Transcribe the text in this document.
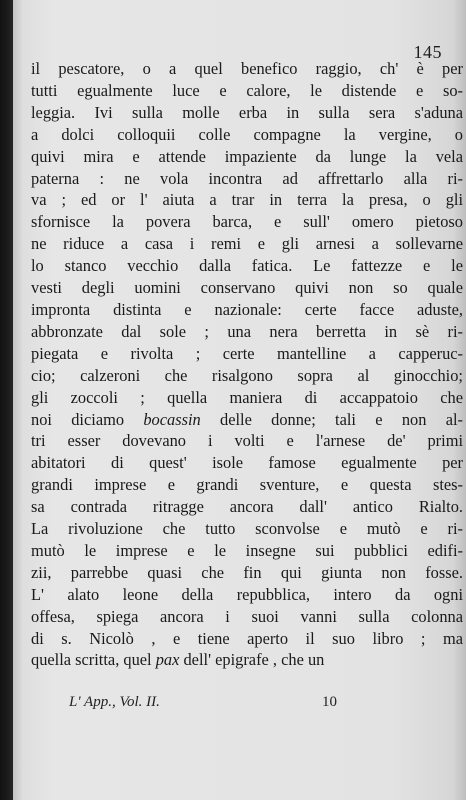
145
il pescatore, o a quel benefico raggio, ch' è per
tutti egualmente luce e calore, le distende e so-
leggia. Ivi sulla molle erba in sulla sera s'aduna
a dolci colloquii colle compagne la vergine, o
quivi mira e attende impaziente da lunge la vela
paterna : ne vola incontra ad affrettarlo alla ri-
va ; ed or l' aiuta a trar in terra la presa, o gli
sfornisce la povera barca, e sull' omero pietoso
ne riduce a casa i remi e gli arnesi a sollevarne
lo stanco vecchio dalla fatica. Le fattezze e le
vesti degli uomini conservano quivi non so quale
impronta distinta e nazionale: certe facce aduste,
abbronzate dal sole ; una nera berretta in sè ri-
piegata e rivolta ; certe mantelline a capperuc-
cio; calzeroni che risalgono sopra al ginocchio;
gli zoccoli ; quella maniera di accappatoio che
noi diciamo bocassin delle donne; tali e non al-
tri esser dovevano i volti e l'arnese de' primi
abitatori di quest' isole famose egualmente per
grandi imprese e grandi sventure, e questa stes-
sa contrada ritragge ancora dall' antico Rialto.
La rivoluzione che tutto sconvolse e mutò e ri-
mutò le imprese e le insegne sui pubblici edifi-
zii, parrebbe quasi che fin qui giunta non fosse.
L' alato leone della repubblica, intero da ogni
offesa, spiega ancora i suoi vanni sulla colonna
di s. Nicolò , e tiene aperto il suo libro ; ma
quella scritta, quel pax dell' epigrafe , che un
L' App., Vol. II.	10
